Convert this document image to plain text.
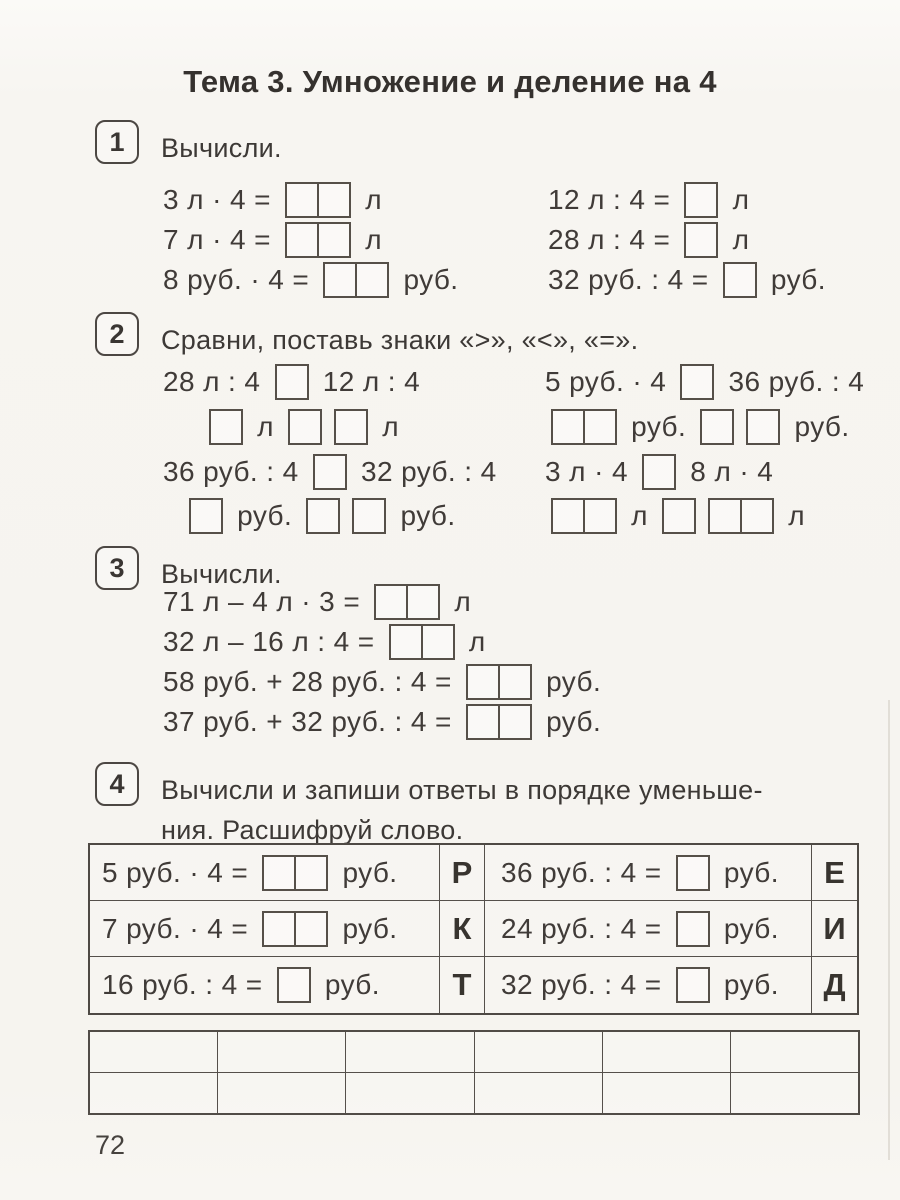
Тема 3. Умножение и деление на 4
1	Вычисли.
3 л · 4 =	л
7 л · 4 =	л
8 руб. · 4 =	руб.
12 л : 4 = л
28 л : 4 = л
32 руб. : 4 = руб.
2	Сравни, поставь знаки «>», «<», «=».
28 л : 4 12 л : 4
л	л
36 руб. : 4 32 руб. : 4
руб.	руб.
5 руб. · 4 36 руб. : 4
руб.	руб.
3 л · 4 8 л · 4
л	л
3	Вычисли.
71 л – 4 л · 3 =	л
32 л – 16 л : 4 =	л
58 руб. + 28 руб. : 4 =	руб.
37 руб. + 32 руб. : 4 =	руб.
4	Вычисли и запиши ответы в порядке уменьше-
ния. Расшифруй слово.
5 руб. · 4 =	руб.	Р	36 руб. : 4 = руб.	Е
7 руб. · 4 =	руб.	К	24 руб. : 4 = руб.	И
16 руб. : 4 = руб.	Т	32 руб. : 4 = руб.	Д
72
